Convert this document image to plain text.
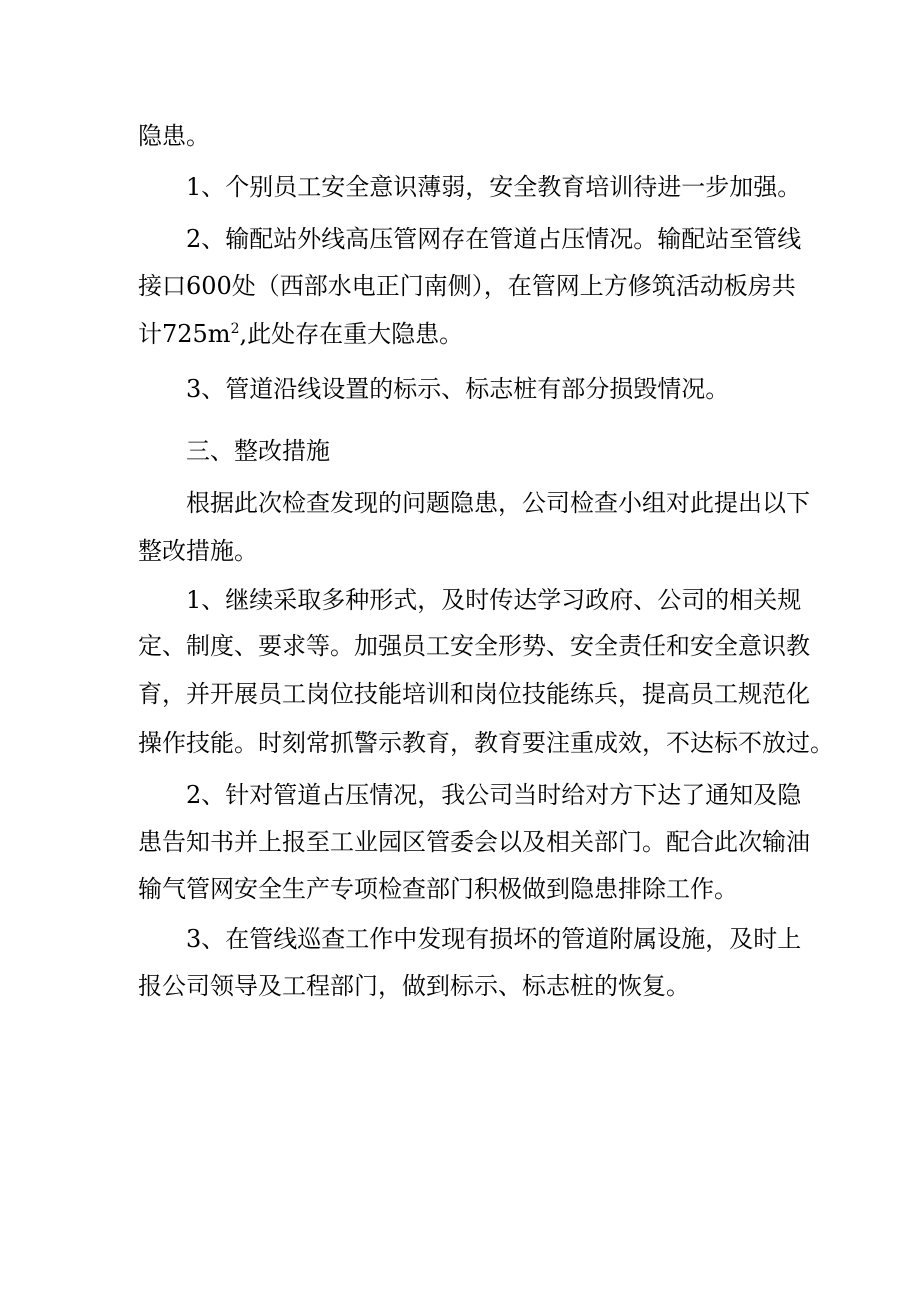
隐患。
1、个别员工安全意识薄弱，安全教育培训待进一步加强。
2、输配站外线高压管网存在管道占压情况。输配站至管线
接口600处（西部水电正门南侧），在管网上方修筑活动板房共
计$725m^2$,此处存在重大隐患。
3、管道沿线设置的标示、标志桩有部分损毁情况。
三、整改措施
根据此次检查发现的问题隐患，公司检查小组对此提出以下
整改措施。
1、继续采取多种形式，及时传达学习政府、公司的相关规
定、制度、要求等。加强员工安全形势、安全责任和安全意识教
育，并开展员工岗位技能培训和岗位技能练兵，提高员工规范化
操作技能。时刻常抓警示教育，教育要注重成效，不达标不放过。
2、针对管道占压情况，我公司当时给对方下达了通知及隐
患告知书并上报至工业园区管委会以及相关部门。配合此次输油
输气管网安全生产专项检查部门积极做到隐患排除工作。
3、在管线巡查工作中发现有损坏的管道附属设施，及时上
报公司领导及工程部门，做到标示、标志桩的恢复。
